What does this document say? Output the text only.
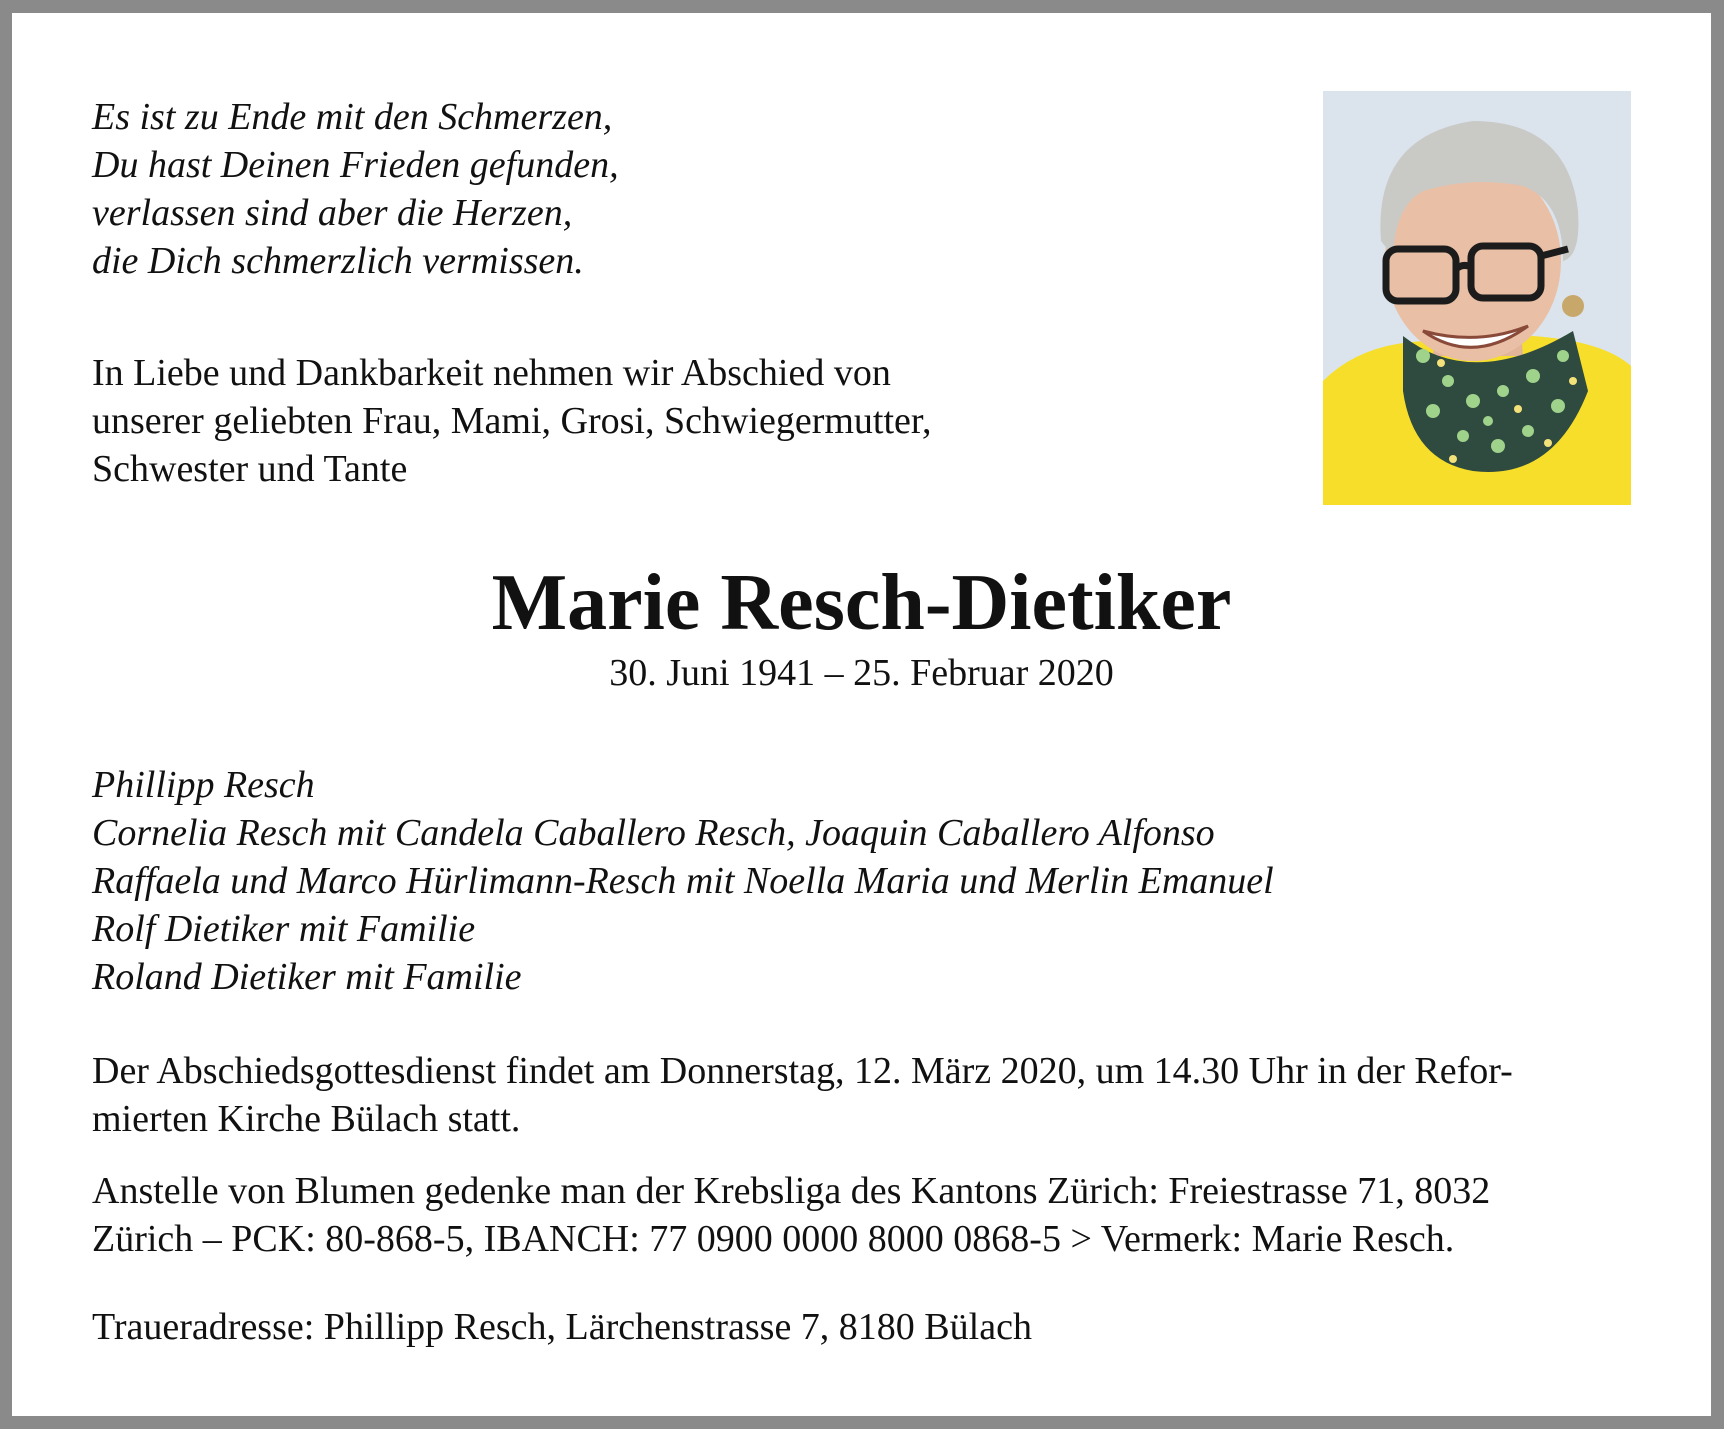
Es ist zu Ende mit den Schmerzen,
Du hast Deinen Frieden gefunden,
verlassen sind aber die Herzen,
die Dich schmerzlich vermissen.
In Liebe und Dankbarkeit nehmen wir Abschied von
unserer geliebten Frau, Mami, Grosi, Schwiegermutter,
Schwester und Tante
Marie Resch-Dietiker
30. Juni 1941 – 25. Februar 2020
Phillipp Resch
Cornelia Resch mit Candela Caballero Resch, Joaquin Caballero Alfonso
Raffaela und Marco Hürlimann-Resch mit Noella Maria und Merlin Emanuel
Rolf Dietiker mit Familie
Roland Dietiker mit Familie
Der Abschiedsgottesdienst findet am Donnerstag, 12. März 2020, um 14.30 Uhr in der Refor-
mierten Kirche Bülach statt.
Anstelle von Blumen gedenke man der Krebsliga des Kantons Zürich: Freiestrasse 71, 8032
Zürich – PCK: 80-868-5, IBANCH: 77 0900 0000 8000 0868-5 > Vermerk: Marie Resch.
Traueradresse: Phillipp Resch, Lärchenstrasse 7, 8180 Bülach
